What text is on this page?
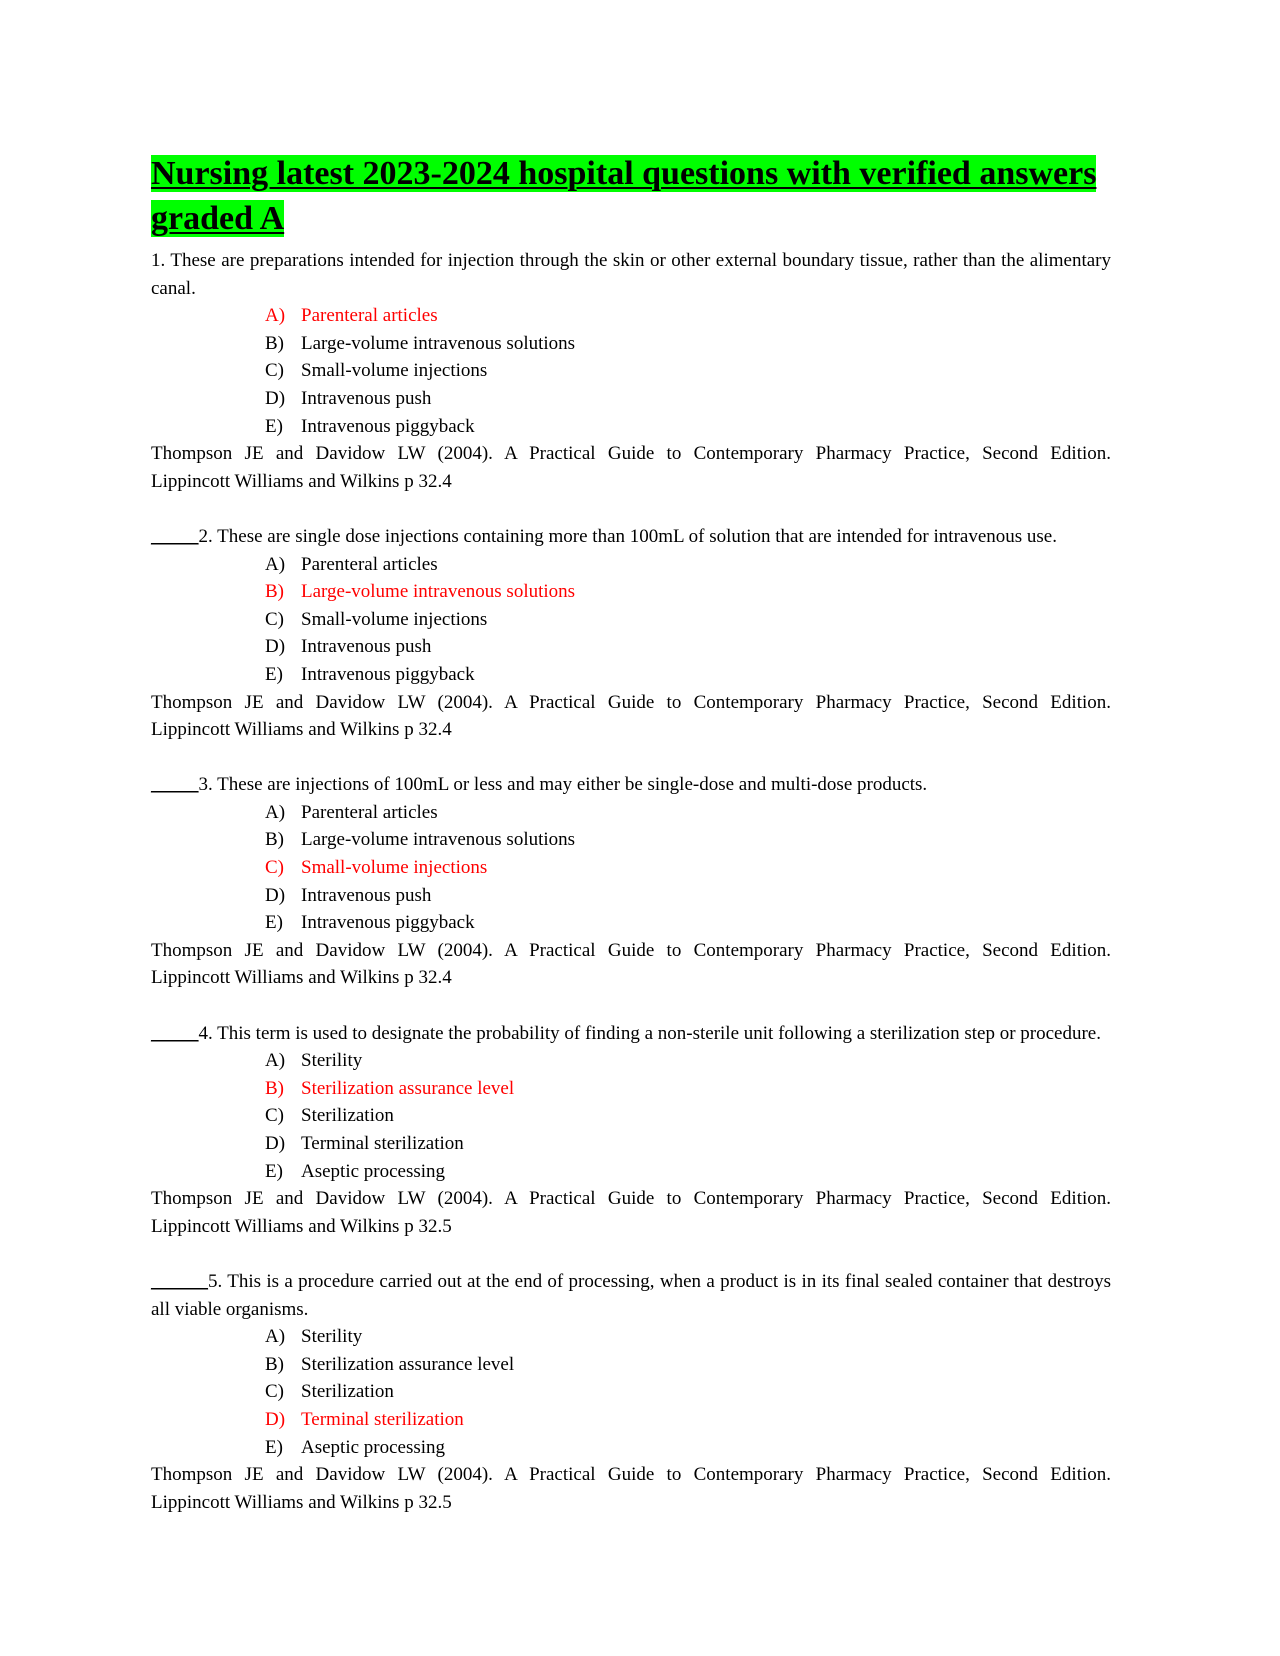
Nursing latest 2023-2024 hospital questions with verified answers graded A

1. These are preparations intended for injection through the skin or other external boundary tissue, rather than the alimentary canal.

A) Parenteral articles
B) Large-volume intravenous solutions
C) Small-volume injections
D) Intravenous push
E) Intravenous piggyback

Thompson JE and Davidow LW (2004). A Practical Guide to Contemporary Pharmacy Practice, Second Edition.
Lippincott Williams and Wilkins p 32.4

_____2. These are single dose injections containing more than 100mL of solution that are intended for intravenous use.

A) Parenteral articles
B) Large-volume intravenous solutions
C) Small-volume injections
D) Intravenous push
E) Intravenous piggyback

Thompson JE and Davidow LW (2004). A Practical Guide to Contemporary Pharmacy Practice, Second Edition.
Lippincott Williams and Wilkins p 32.4

_____3. These are injections of 100mL or less and may either be single-dose and multi-dose products.

A) Parenteral articles
B) Large-volume intravenous solutions
C) Small-volume injections
D) Intravenous push
E) Intravenous piggyback

Thompson JE and Davidow LW (2004). A Practical Guide to Contemporary Pharmacy Practice, Second Edition.
Lippincott Williams and Wilkins p 32.4

_____4. This term is used to designate the probability of finding a non-sterile unit following a sterilization step or procedure.

A) Sterility
B) Sterilization assurance level
C) Sterilization
D) Terminal sterilization
E) Aseptic processing

Thompson JE and Davidow LW (2004). A Practical Guide to Contemporary Pharmacy Practice, Second Edition.
Lippincott Williams and Wilkins p 32.5

______5. This is a procedure carried out at the end of processing, when a product is in its final sealed container that destroys all viable organisms.

A) Sterility
B) Sterilization assurance level
C) Sterilization
D) Terminal sterilization
E) Aseptic processing

Thompson JE and Davidow LW (2004). A Practical Guide to Contemporary Pharmacy Practice, Second Edition.
Lippincott Williams and Wilkins p 32.5
